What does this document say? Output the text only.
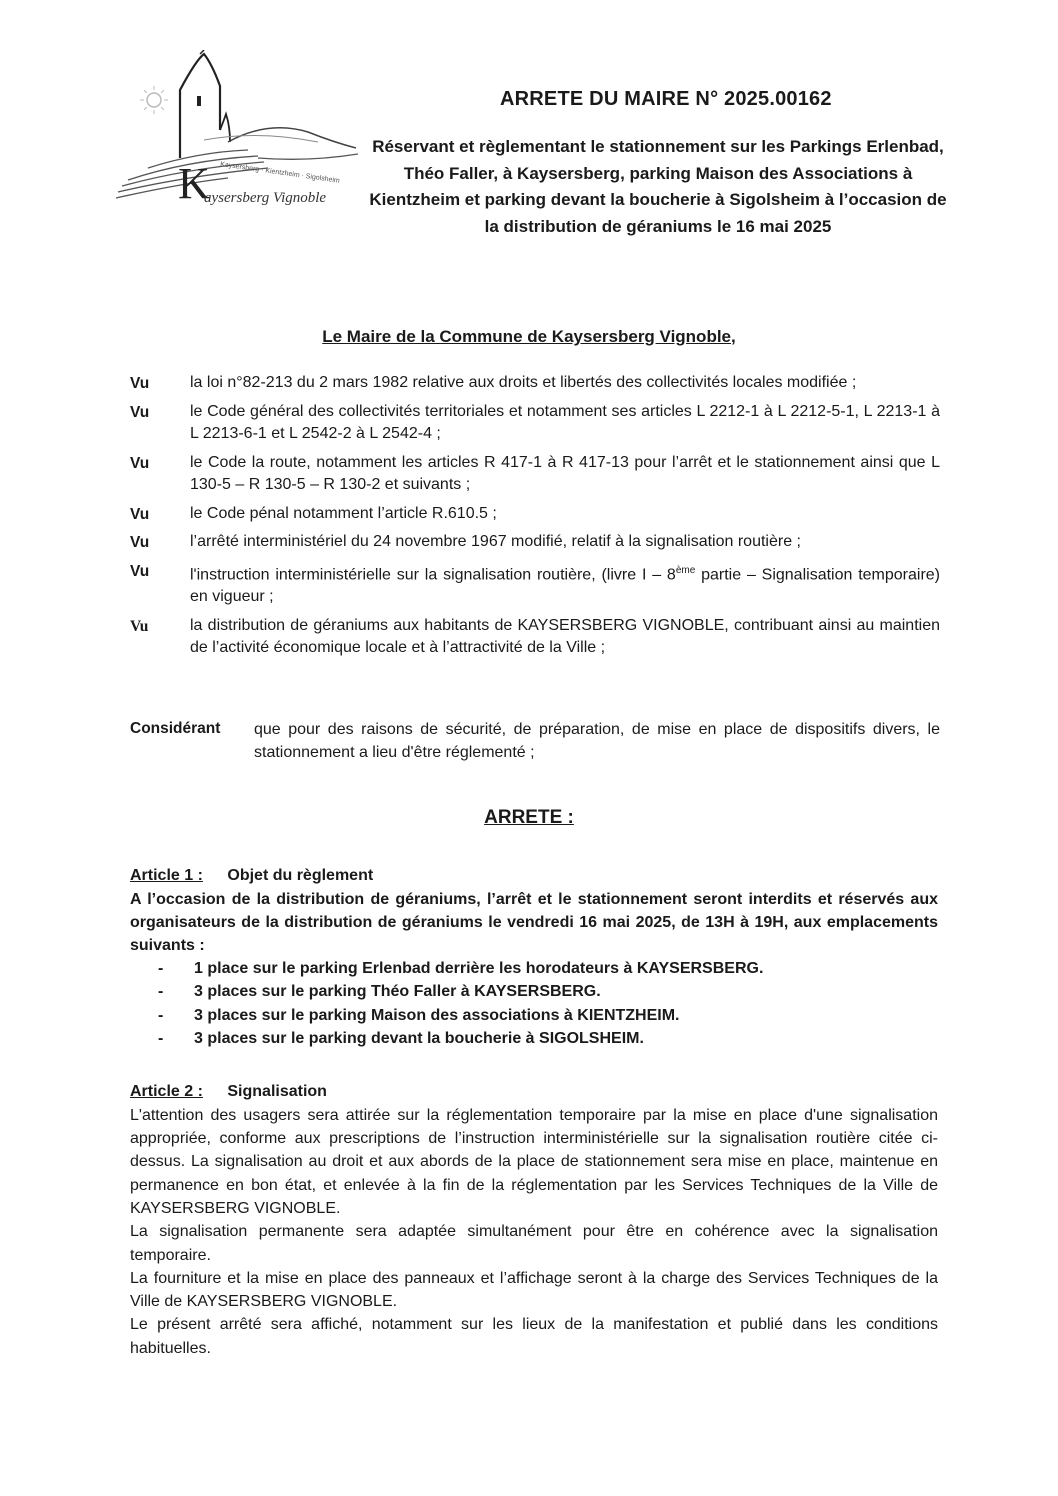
Kaysersberg · Kientzheim · Sigolsheim
K
aysersberg Vignoble
ARRETE DU MAIRE N° 2025.00162
Réservant et règlementant le stationnement sur les Parkings Erlenbad, Théo Faller, à Kaysersberg, parking Maison des Associations à Kientzheim et parking devant la boucherie à Sigolsheim à l’occasion de la distribution de géraniums le 16 mai 2025
Le Maire de la Commune de Kaysersberg Vignoble,
Vu	la loi n°82-213 du 2 mars 1982 relative aux droits et libertés des collectivités locales modifiée ;
Vu	le Code général des collectivités territoriales et notamment ses articles L 2212-1 à L 2212-5-1, L 2213-1 à L 2213-6-1 et L 2542-2 à L 2542-4 ;
Vu	le Code la route, notamment les articles R 417-1 à R 417-13 pour l’arrêt et le stationnement ainsi que L 130-5 – R 130-5 – R 130-2 et suivants ;
Vu	le Code pénal notamment l’article R.610.5 ;
Vu	l’arrêté interministériel du 24 novembre 1967 modifié, relatif à la signalisation routière ;
Vu	l'instruction interministérielle sur la signalisation routière, (livre I – 8ème partie – Signalisation temporaire) en vigueur ;
Vu	la distribution de géraniums aux habitants de KAYSERSBERG VIGNOBLE, contribuant ainsi au maintien de l’activité économique locale et à l’attractivité de la Ville ;
Considérant	que pour des raisons de sécurité, de préparation, de mise en place de dispositifs divers, le stationnement a lieu d'être réglementé ;
ARRETE :
Article 1 : Objet du règlement
A l’occasion de la distribution de géraniums, l’arrêt et le stationnement seront interdits et réservés aux organisateurs de la distribution de géraniums le vendredi 16 mai 2025, de 13H à 19H, aux emplacements suivants :
- 1 place sur le parking Erlenbad derrière les horodateurs à KAYSERSBERG.
- 3 places sur le parking Théo Faller à KAYSERSBERG.
- 3 places sur le parking Maison des associations à KIENTZHEIM.
- 3 places sur le parking devant la boucherie à SIGOLSHEIM.
Article 2 : Signalisation

L'attention des usagers sera attirée sur la réglementation temporaire par la mise en place d'une signalisation appropriée, conforme aux prescriptions de l’instruction interministérielle sur la signalisation routière citée ci-dessus. La signalisation au droit et aux abords de la place de stationnement sera mise en place, maintenue en permanence en bon état, et enlevée à la fin de la réglementation par les Services Techniques de la Ville de KAYSERSBERG VIGNOBLE.

La signalisation permanente sera adaptée simultanément pour être en cohérence avec la signalisation temporaire.

La fourniture et la mise en place des panneaux et l’affichage seront à la charge des Services Techniques de la Ville de KAYSERSBERG VIGNOBLE.

Le présent arrêté sera affiché, notamment sur les lieux de la manifestation et publié dans les conditions habituelles.
